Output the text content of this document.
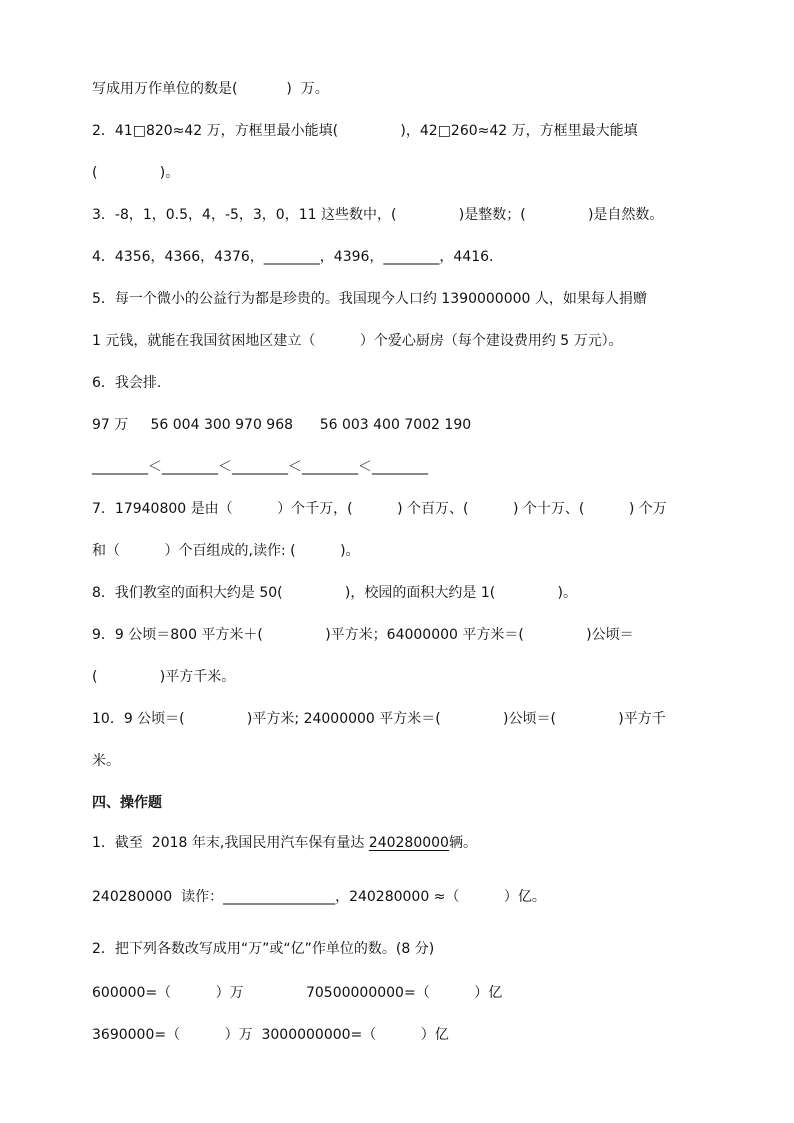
写成用万作单位的数是(           )  万。
2．41□820≈42 万，方框里最小能填(              )，42□260≈42 万，方框里最大能填
(              )。
3．-8，1，0.5，4，-5，3，0，11 这些数中，(              )是整数；(              )是自然数。
4．4356，4366，4376，________，4396，________，4416．
5．每一个微小的公益行为都是珍贵的。我国现今人口约 1390000000 人，如果每人捐赠
1 元钱，就能在我国贫困地区建立（          ）个爱心厨房（每个建设费用约 5 万元）。
6．我会排.
97 万     56 004 300 970 968      56 003 400 7002 190
________＜________＜________＜________＜________
7．17940800 是由（          ）个千万，(          ) 个百万、(          ) 个十万、(          ) 个万
和（          ）个百组成的,读作: (          )。
8．我们教室的面积大约是 50(              )，校园的面积大约是 1(              )。
9．9 公顷＝800 平方米＋(              )平方米；64000000 平方米＝(              )公顷＝
(              )平方千米。
10．9 公顷＝(              )平方米; 24000000 平方米＝(              )公顷＝(              )平方千
米。
四、操作题
1．截至  2018 年末,我国民用汽车保有量达 240280000辆。
240280000  读作：________________，240280000 ≈（          ）亿。
2．把下列各数改写成用“万”或“亿”作单位的数。(8 分)
600000=（          ）万              70500000000=（          ）亿
3690000=（          ）万  3000000000=（          ）亿
